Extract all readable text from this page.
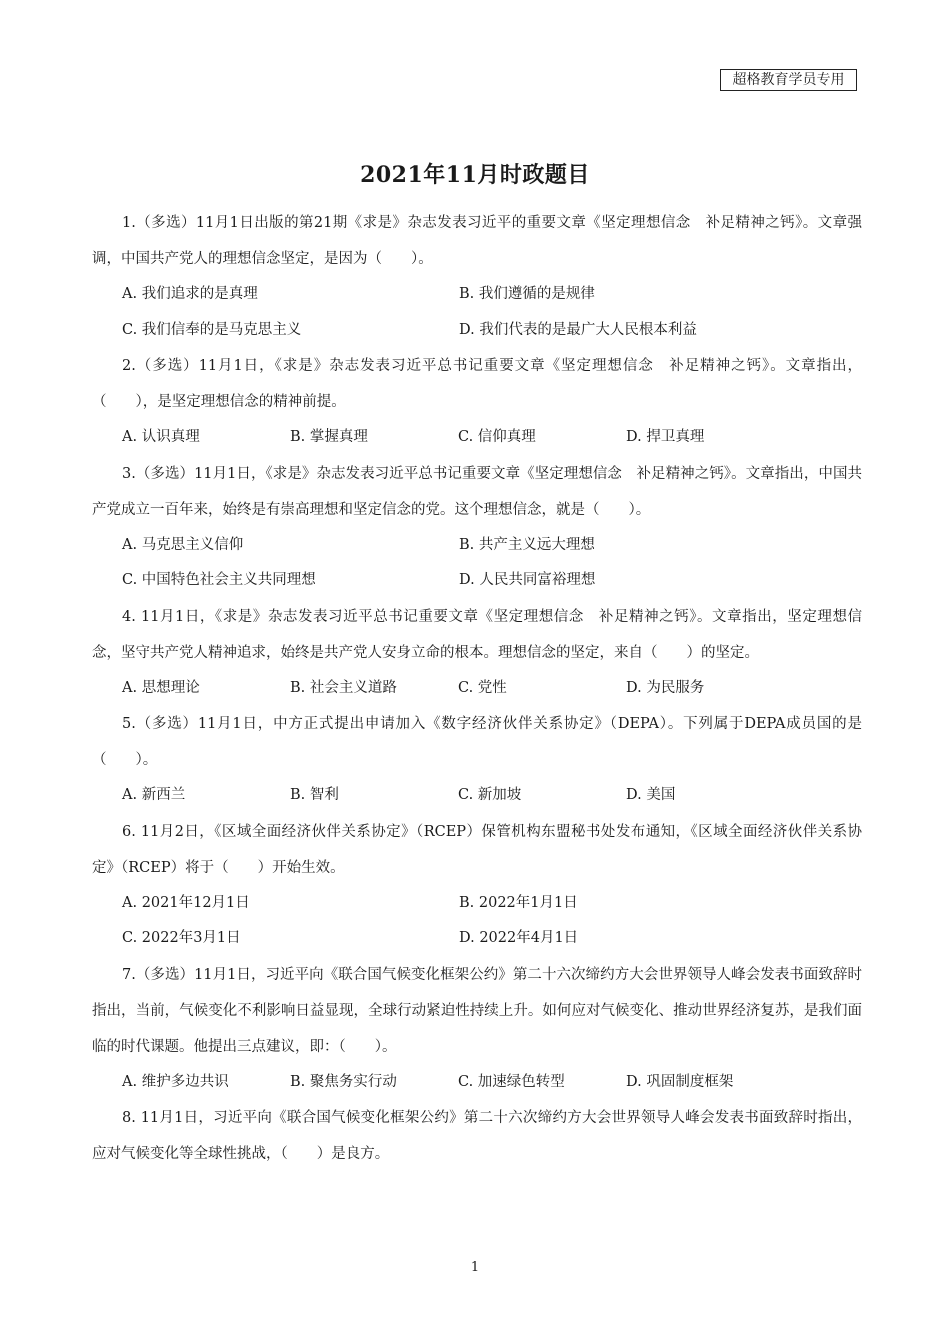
超格教育学员专用
2021年11月时政题目

1.（多选）11月1日出版的第21期《求是》杂志发表习近平的重要文章《坚定理想信念　补足精神之钙》。文章强调，中国共产党人的理想信念坚定，是因为（　　）。

A. 我们追求的是真理	B. 我们遵循的是规律
C. 我们信奉的是马克思主义	D. 我们代表的是最广大人民根本利益

2.（多选）11月1日，《求是》杂志发表习近平总书记重要文章《坚定理想信念　补足精神之钙》。文章指出，（　　），是坚定理想信念的精神前提。

A. 认识真理	B. 掌握真理	C. 信仰真理	D. 捍卫真理

3.（多选）11月1日，《求是》杂志发表习近平总书记重要文章《坚定理想信念　补足精神之钙》。文章指出，中国共产党成立一百年来，始终是有崇高理想和坚定信念的党。这个理想信念，就是（　　）。

A. 马克思主义信仰	B. 共产主义远大理想
C. 中国特色社会主义共同理想	D. 人民共同富裕理想

4. 11月1日，《求是》杂志发表习近平总书记重要文章《坚定理想信念　补足精神之钙》。文章指出，坚定理想信念，坚守共产党人精神追求，始终是共产党人安身立命的根本。理想信念的坚定，来自（　　）的坚定。

A. 思想理论	B. 社会主义道路	C. 党性	D. 为民服务

5.（多选）11月1日，中方正式提出申请加入《数字经济伙伴关系协定》（DEPA）。下列属于DEPA成员国的是（　　）。

A. 新西兰	B. 智利	C. 新加坡	D. 美国

6. 11月2日，《区域全面经济伙伴关系协定》（RCEP）保管机构东盟秘书处发布通知，《区域全面经济伙伴关系协定》（RCEP）将于（　　）开始生效。

A. 2021年12月1日	B. 2022年1月1日
C. 2022年3月1日	D. 2022年4月1日

7.（多选）11月1日，习近平向《联合国气候变化框架公约》第二十六次缔约方大会世界领导人峰会发表书面致辞时指出，当前，气候变化不利影响日益显现，全球行动紧迫性持续上升。如何应对气候变化、推动世界经济复苏，是我们面临的时代课题。他提出三点建议，即：（　　）。

A. 维护多边共识	B. 聚焦务实行动	C. 加速绿色转型	D. 巩固制度框架

8. 11月1日，习近平向《联合国气候变化框架公约》第二十六次缔约方大会世界领导人峰会发表书面致辞时指出，应对气候变化等全球性挑战，（　　）是良方。

1
